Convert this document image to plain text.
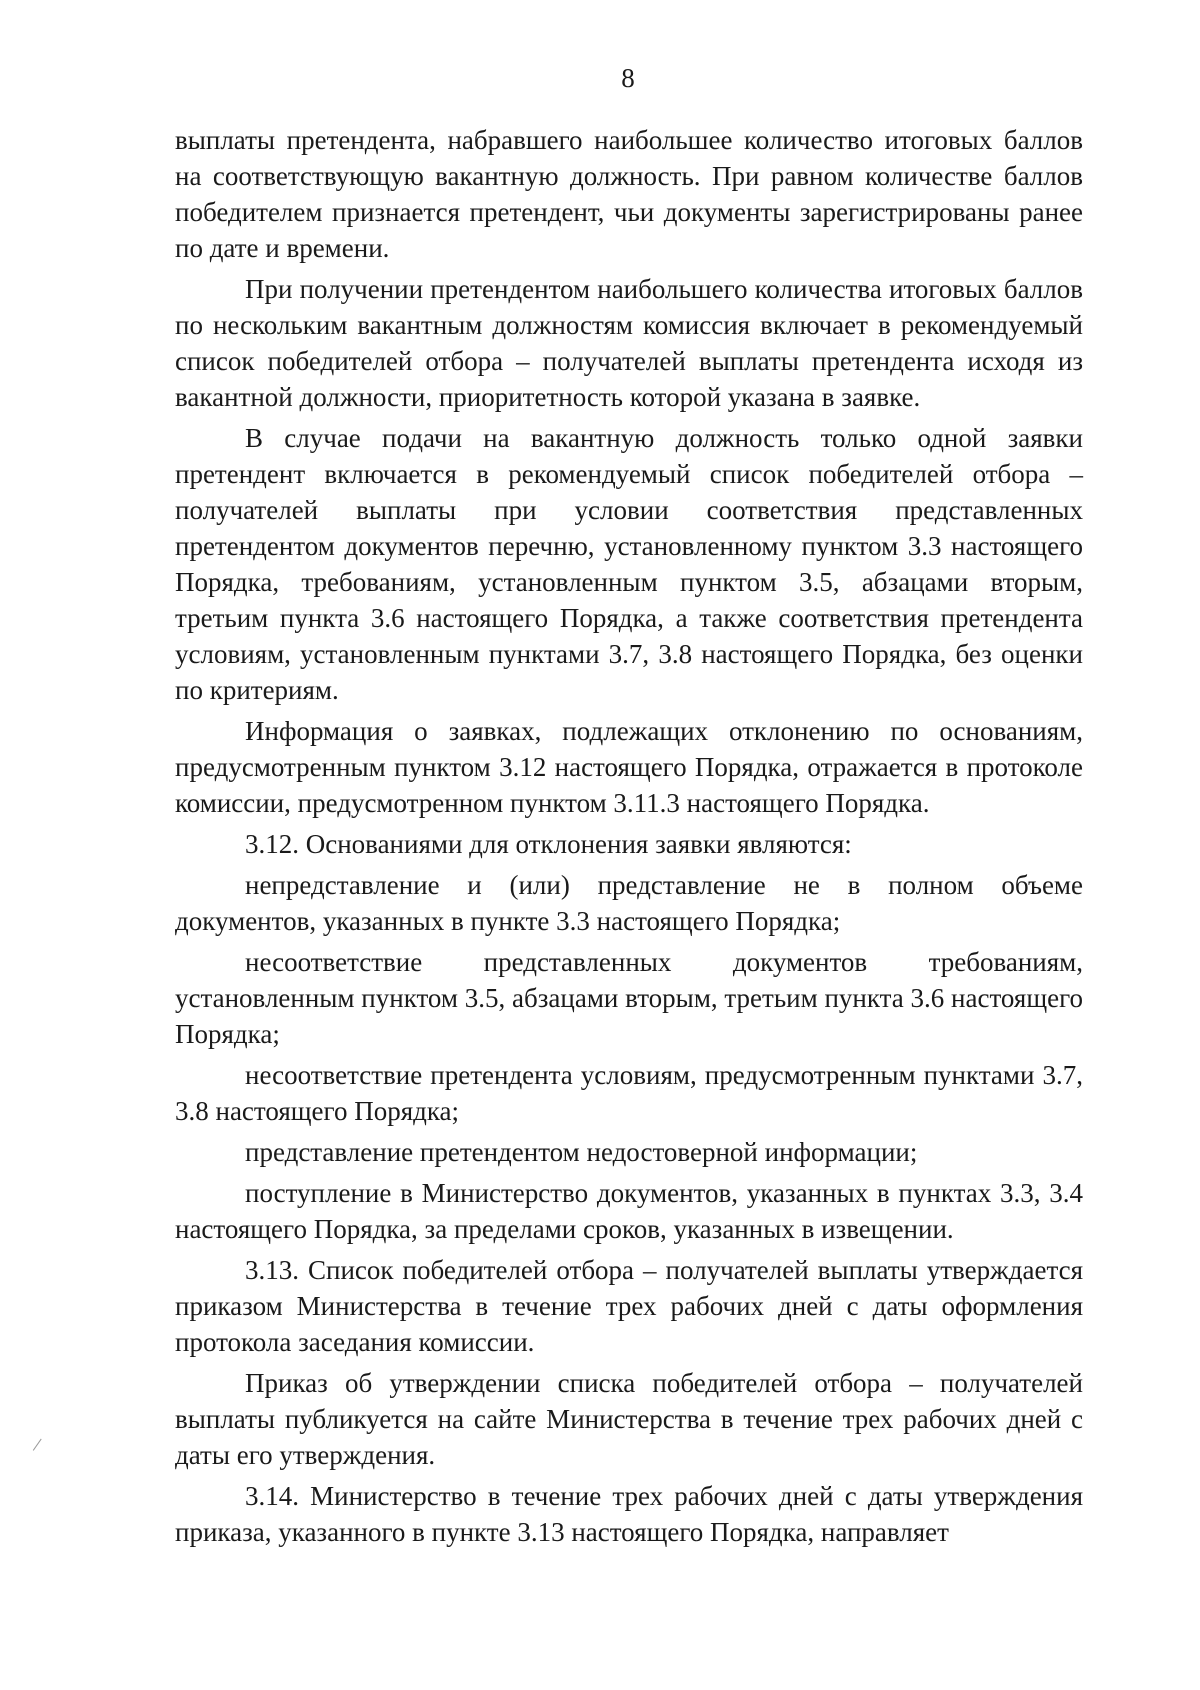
8

выплаты претендента, набравшего наибольшее количество итоговых баллов на соответствующую вакантную должность. При равном количестве баллов победителем признается претендент, чьи документы зарегистрированы ранее по дате и времени.

При получении претендентом наибольшего количества итоговых баллов по нескольким вакантным должностям комиссия включает в рекомендуемый список победителей отбора – получателей выплаты претендента исходя из вакантной должности, приоритетность которой указана в заявке.

В случае подачи на вакантную должность только одной заявки претендент включается в рекомендуемый список победителей отбора – получателей выплаты при условии соответствия представленных претендентом документов перечню, установленному пунктом 3.3 настоящего Порядка, требованиям, установленным пунктом 3.5, абзацами вторым, третьим пункта 3.6 настоящего Порядка, а также соответствия претендента условиям, установленным пунктами 3.7, 3.8 настоящего Порядка, без оценки по критериям.

Информация о заявках, подлежащих отклонению по основаниям, предусмотренным пунктом 3.12 настоящего Порядка, отражается в протоколе комиссии, предусмотренном пунктом 3.11.3 настоящего Порядка.

3.12. Основаниями для отклонения заявки являются:

непредставление и (или) представление не в полном объеме документов, указанных в пункте 3.3 настоящего Порядка;

несоответствие представленных документов требованиям, установленным пунктом 3.5, абзацами вторым, третьим пункта 3.6 настоящего Порядка;

несоответствие претендента условиям, предусмотренным пунктами 3.7, 3.8 настоящего Порядка;

представление претендентом недостоверной информации;

поступление в Министерство документов, указанных в пунктах 3.3, 3.4 настоящего Порядка, за пределами сроков, указанных в извещении.

3.13. Список победителей отбора – получателей выплаты утверждается приказом Министерства в течение трех рабочих дней с даты оформления протокола заседания комиссии.

Приказ об утверждении списка победителей отбора – получателей выплаты публикуется на сайте Министерства в течение трех рабочих дней с даты его утверждения.

3.14. Министерство в течение трех рабочих дней с даты утверждения приказа, указанного в пункте 3.13 настоящего Порядка, направляет
